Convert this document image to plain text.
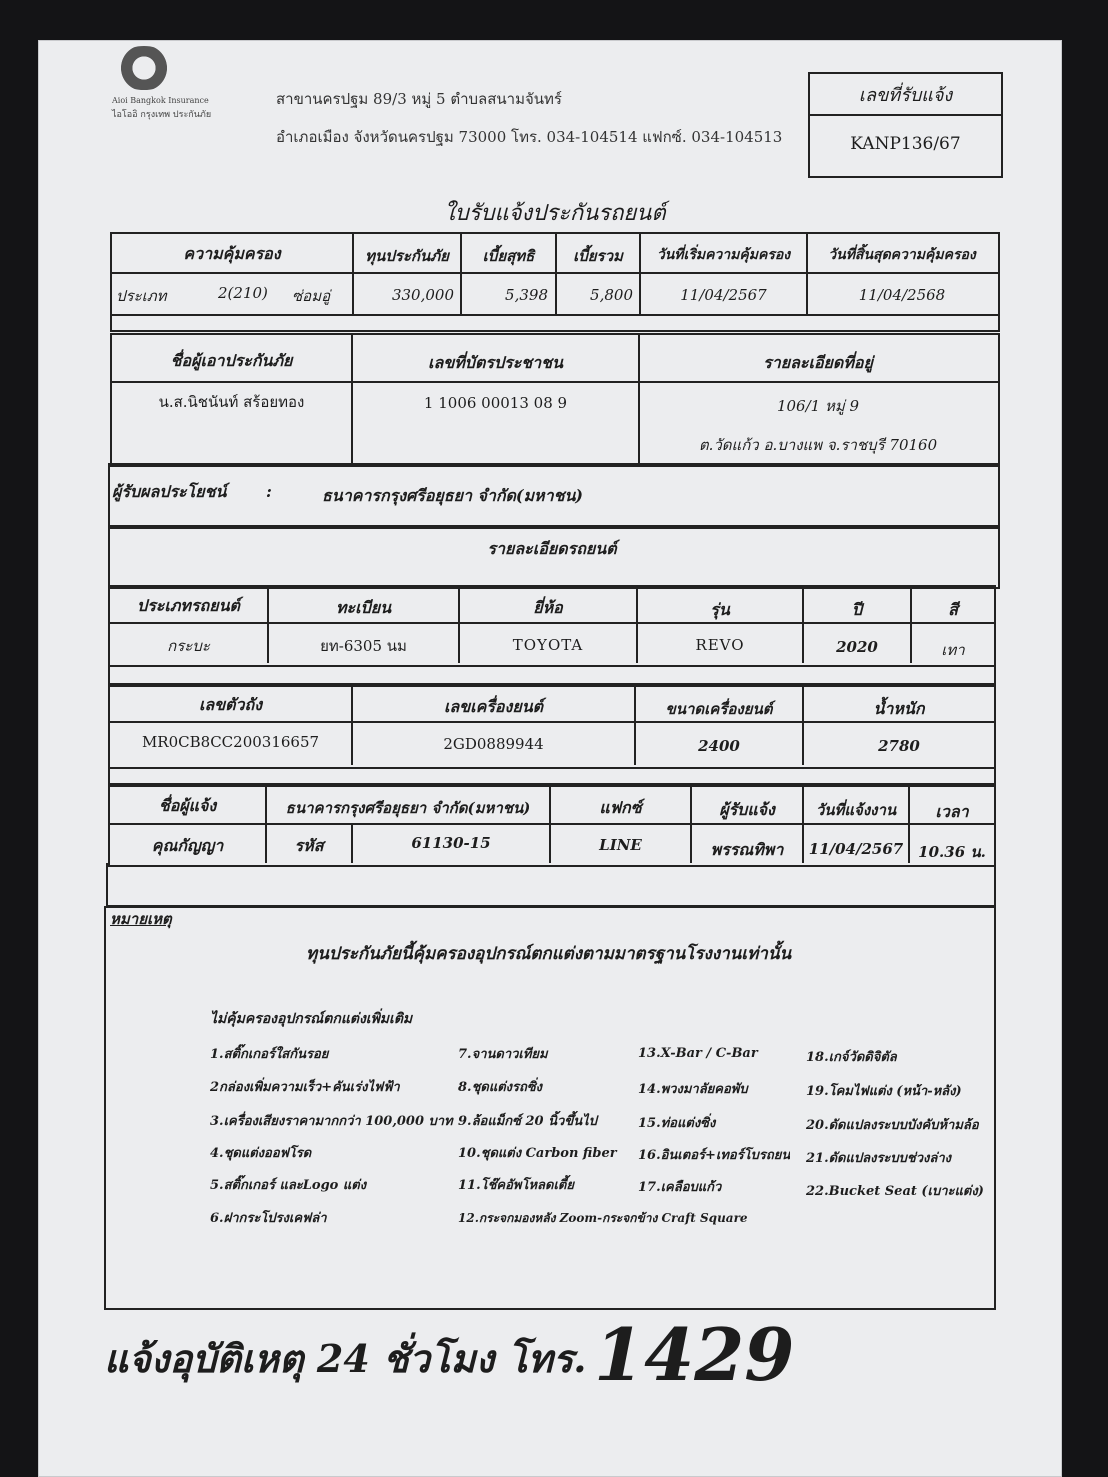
Aioi Bangkok Insurance
ไอโออิ กรุงเทพ ประกันภัย
สาขานครปฐม 89/3 หมู่ 5 ตำบลสนามจันทร์
อำเภอเมือง จังหวัดนครปฐม 73000 โทร. 034-104514 แฟกซ์. 034-104513
เลขที่รับแจ้ง
KANP136/67
ใบรับแจ้งประกันรถยนต์
ความคุ้มครอง	ทุนประกันภัย	เบี้ยสุทธิ	เบี้ยรวม	วันที่เริ่มความคุ้มครอง	วันที่สิ้นสุดความคุ้มครอง
ประเภท	2(210) ซ่อมอู่	330,000	5,398	5,800	11/04/2567	11/04/2568
ชื่อผู้เอาประกันภัย	เลขที่บัตรประชาชน	รายละเอียดที่อยู่
น.ส.นิชนันท์ สร้อยทอง	1 1006 00013 08 9	106/1 หมู่ 9
ต.วัดแก้ว อ.บางแพ จ.ราชบุรี 70160
ผู้รับผลประโยชน์ :	ธนาคารกรุงศรีอยุธยา จำกัด(มหาชน)
รายละเอียดรถยนต์
ประเภทรถยนต์	ทะเบียน	ยี่ห้อ	รุ่น	ปี	สี
กระบะ	ยท-6305 นม	TOYOTA	REVO	2020	เทา
เลขตัวถัง	เลขเครื่องยนต์	ขนาดเครื่องยนต์	น้ำหนัก
MR0CB8CC200316657	2GD0889944	2400	2780
ชื่อผู้แจ้ง	ธนาคารกรุงศรีอยุธยา จำกัด(มหาชน)	แฟกซ์	ผู้รับแจ้ง	วันที่แจ้งงาน	เวลา
คุณกัญญา	รหัส	61130-15	LINE	พรรณทิพา	11/04/2567 10.36 น.
หมายเหตุ
ทุนประกันภัยนี้คุ้มครองอุปกรณ์ตกแต่งตามมาตรฐานโรงงานเท่านั้น
ไม่คุ้มครองอุปกรณ์ตกแต่งเพิ่มเติม
1.สติ๊กเกอร์ใสกันรอย
2กล่องเพิ่มความเร็ว+คันเร่งไฟฟ้า
3.เครื่องเสียงราคามากกว่า 100,000 บาท
4.ชุดแต่งออฟโรด
5.สติ๊กเกอร์ และLogo แต่ง
6.ฝากระโปรงเคฟล่า
7.จานดาวเทียม
8.ชุดแต่งรถซิ่ง
9.ล้อแม็กซ์ 20 นิ้วขึ้นไป
10.ชุดแต่ง Carbon fiber
11.โช๊คอัพโหลดเตี้ย
12.กระจกมองหลัง Zoom-กระจกข้าง Craft Square
13.X-Bar / C-Bar
14.พวงมาลัยคอพับ
15.ท่อแต่งซิ่ง
16.อินเตอร์+เทอร์โบรถยน
17.เคลือบแก้ว
18.เกจ์วัดดิจิตัล
19.โคมไฟแต่ง (หน้า-หลัง)
20.ดัดแปลงระบบบังคับห้ามล้อ
21.ดัดแปลงระบบช่วงล่าง
22.Bucket Seat (เบาะแต่ง)
แจ้งอุบัติเหตุ 24 ชั่วโมง โทร. 1429
